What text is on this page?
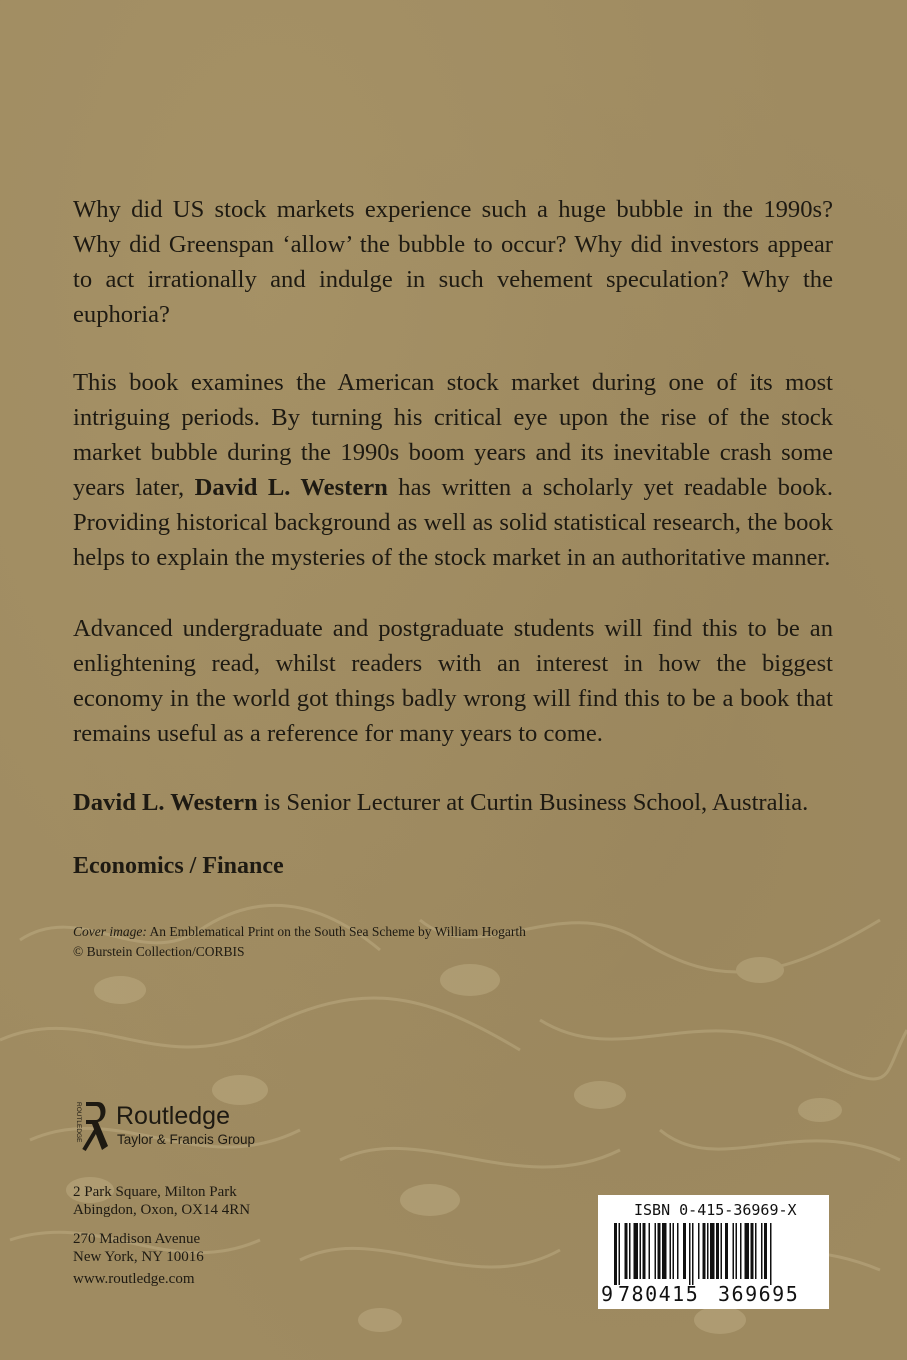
Why did US stock markets experience such a huge bubble in the 1990s? Why did Greenspan ‘allow’ the bubble to occur? Why did investors appear to act irrationally and indulge in such vehement speculation? Why the euphoria?

This book examines the American stock market during one of its most intriguing periods. By turning his critical eye upon the rise of the stock market bubble during the 1990s boom years and its inevitable crash some years later, David L. Western has written a scholarly yet readable book. Providing historical background as well as solid statistical research, the book helps to explain the mysteries of the stock market in an authoritative manner.

Advanced undergraduate and postgraduate students will find this to be an enlightening read, whilst readers with an interest in how the biggest economy in the world got things badly wrong will find this to be a book that remains useful as a reference for many years to come.

David L. Western is Senior Lecturer at Curtin Business School, Australia.

Economics / Finance

Cover image: An Emblematical Print on the South Sea Scheme by William Hogarth
© Burstein Collection/CORBIS
ROUTLEDGE Routledge
Taylor & Francis Group
2 Park Square, Milton Park
Abingdon, Oxon, OX14 4RN
270 Madison Avenue
New York, NY 10016
www.routledge.com
ISBN 0-415-36969-X
9 780415 369695
